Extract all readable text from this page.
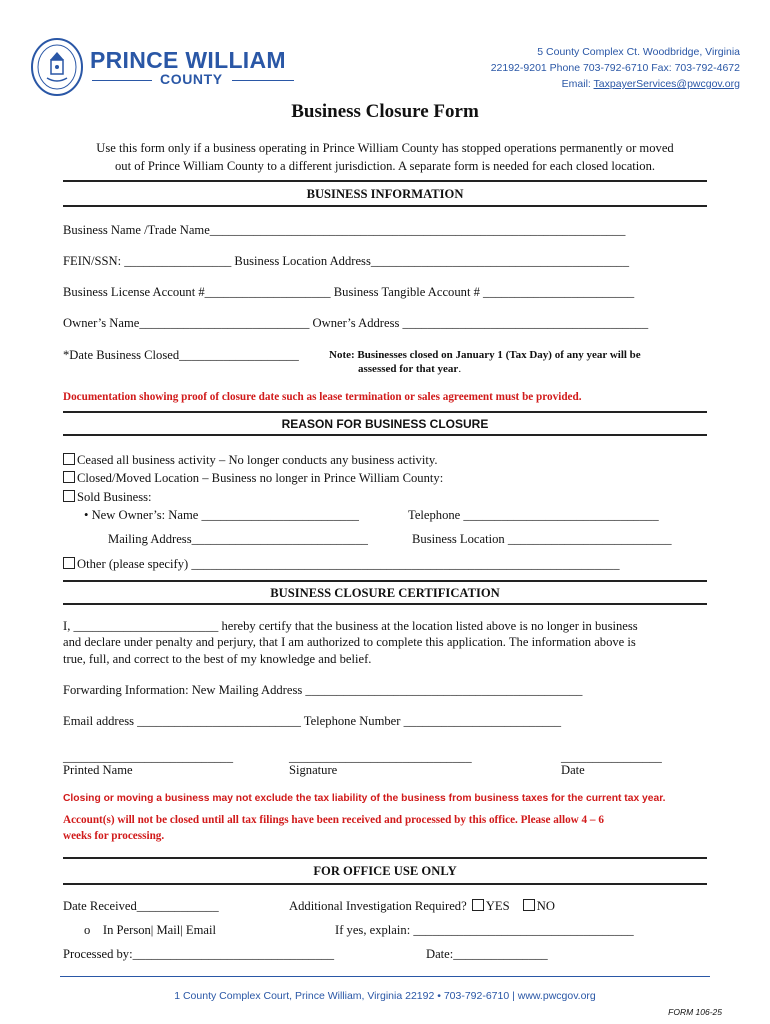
PRINCE WILLIAM
COUNTY
5 County Complex Ct. Woodbridge, Virginia
22192-9201 Phone 703-792-6710 Fax: 703-792-4672
Email: TaxpayerServices@pwcgov.org
Business Closure Form
Use this form only if a business operating in Prince William County has stopped operations permanently or moved
out of Prince William County to a different jurisdiction. A separate form is needed for each closed location.
BUSINESS INFORMATION
Business Name /Trade Name__________________________________________________________________
FEIN/SSN: _________________ Business Location Address_________________________________________
Business License Account #____________________ Business Tangible Account # ________________________
Owner’s Name___________________________ Owner’s Address _______________________________________
*Date Business Closed___________________	Note: Businesses closed on January 1 (Tax Day) of any year will be
assessed for that year.
Documentation showing proof of closure date such as lease termination or sales agreement must be provided.
REASON FOR BUSINESS CLOSURE
Ceased all business activity – No longer conducts any business activity.
Closed/Moved Location – Business no longer in Prince William County:
Sold Business:
• New Owner’s: Name _________________________	Telephone _______________________________
Mailing Address____________________________	Business Location __________________________
Other (please specify) ____________________________________________________________________
BUSINESS CLOSURE CERTIFICATION
I, _______________________ hereby certify that the business at the location listed above is no longer in business
and declare under penalty and perjury, that I am authorized to complete this application. The information above is
true, full, and correct to the best of my knowledge and belief.
Forwarding Information: New Mailing Address ____________________________________________
Email address __________________________ Telephone Number _________________________
___________________________	_____________________________	________________
Printed Name	Signature	Date
Closing or moving a business may not exclude the tax liability of the business from business taxes for the current tax year.
Account(s) will not be closed until all tax filings have been received and processed by this office. Please allow 4 – 6
weeks for processing.
FOR OFFICE USE ONLY
Date Received_____________	Additional Investigation Required? YES NO
o    In Person| Mail| Email	If yes, explain: ___________________________________
Processed by:________________________________	Date:_______________
1 County Complex Court, Prince William, Virginia 22192 • 703-792-6710 | www.pwcgov.org
FORM 106-25
